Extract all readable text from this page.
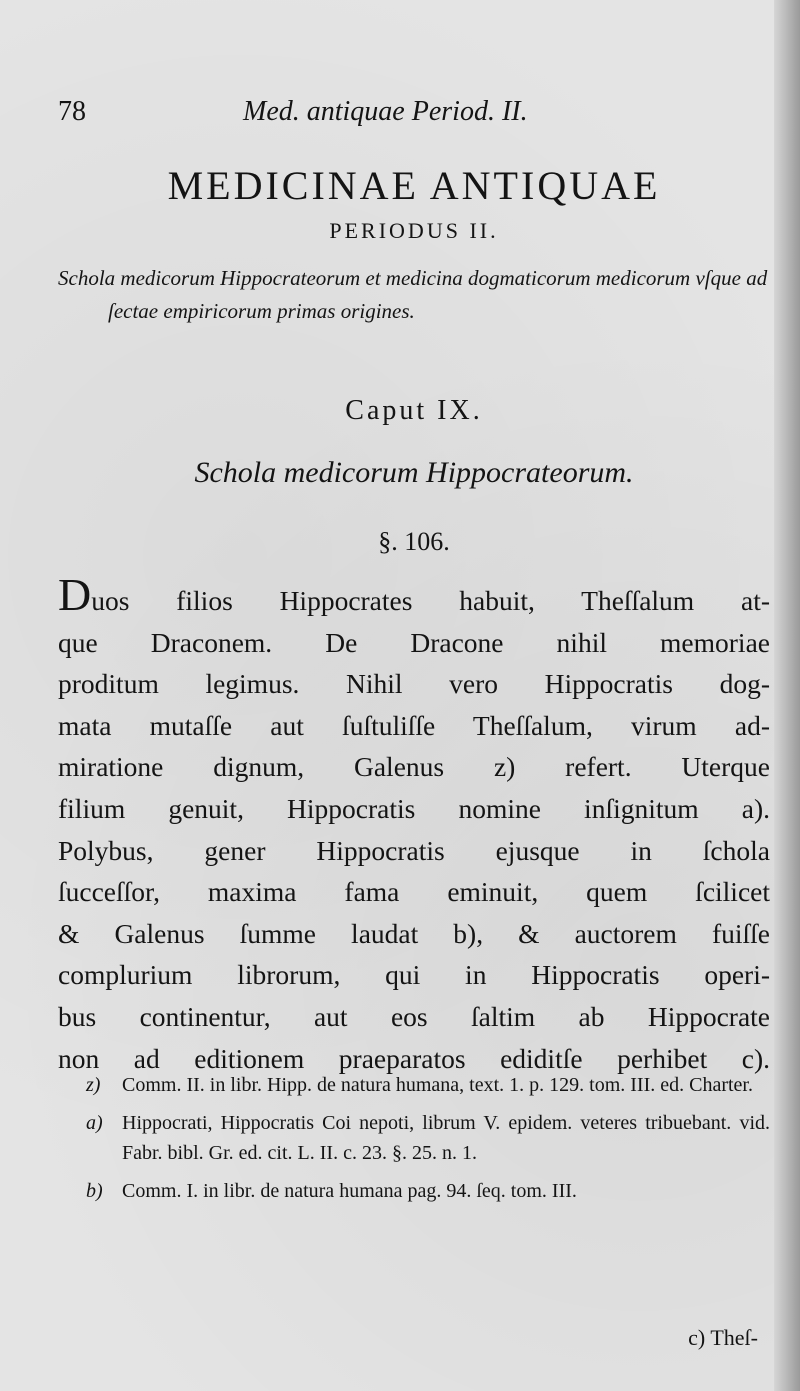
78	Med. antiquae Period. II.
MEDICINAE ANTIQUAE
PERIODUS II.
Schola medicorum Hippocrateorum et medicina dogmaticorum medicorum vſque ad ſectae empiricorum primas origines.
Caput IX.
Schola medicorum Hippocrateorum.
§. 106.
Duos filios Hippocrates habuit, Theſſalum at-
que Draconem. De Dracone nihil memoriae
proditum legimus. Nihil vero Hippocratis dog-
mata mutaſſe aut ſuſtuliſſe Theſſalum, virum ad-
miratione dignum, Galenus z) refert. Uterque
filium genuit, Hippocratis nomine inſignitum a).
Polybus, gener Hippocratis ejusque in ſchola
ſucceſſor, maxima fama eminuit, quem ſcilicet
& Galenus ſumme laudat b), & auctorem fuiſſe
complurium librorum, qui in Hippocratis operi-
bus continentur, aut eos ſaltim ab Hippocrate
non ad editionem praeparatos ediditſe perhibet c).
z) Comm. II. in libr. Hipp. de natura humana, text. 1. p. 129. tom. III. ed. Charter.
a) Hippocrati, Hippocratis Coi nepoti, librum V. epidem. veteres tribuebant. vid. Fabr. bibl. Gr. ed. cit. L. II. c. 23. §. 25. n. 1.
b) Comm. I. in libr. de natura humana pag. 94. ſeq. tom. III.
c) Theſ-
